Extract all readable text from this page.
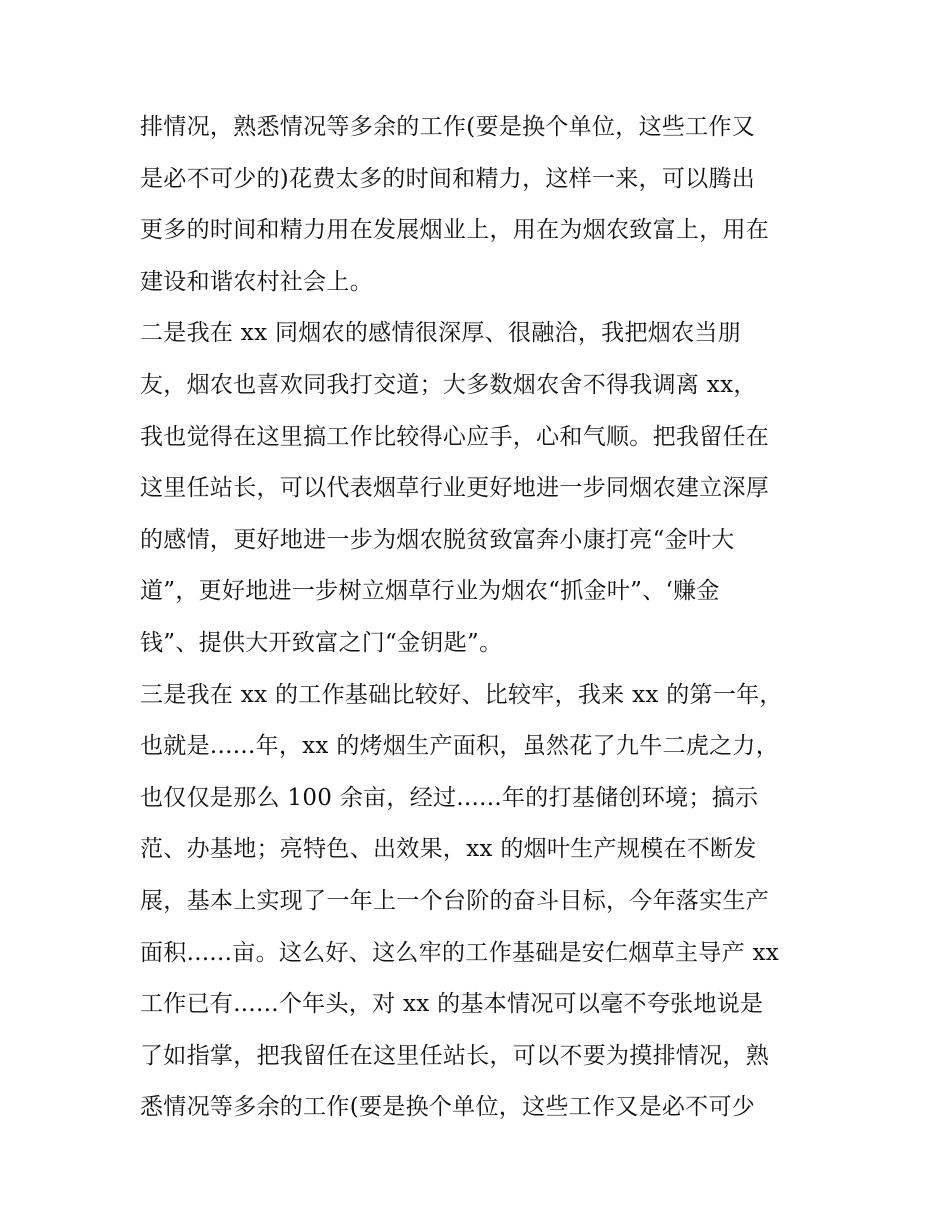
排情况，熟悉情况等多余的工作(要是换个单位，这些工作又
是必不可少的)花费太多的时间和精力，这样一来，可以腾出
更多的时间和精力用在发展烟业上，用在为烟农致富上，用在
建设和谐农村社会上。
二是我在 xx 同烟农的感情很深厚、很融洽，我把烟农当朋
友，烟农也喜欢同我打交道；大多数烟农舍不得我调离 xx，
我也觉得在这里搞工作比较得心应手，心和气顺。把我留任在
这里任站长，可以代表烟草行业更好地进一步同烟农建立深厚
的感情，更好地进一步为烟农脱贫致富奔小康打亮“金叶大
道”，更好地进一步树立烟草行业为烟农“抓金叶”、‘赚金
钱”、提供大开致富之门“金钥匙”。
三是我在 xx 的工作基础比较好、比较牢，我来 xx 的第一年，
也就是......年，xx 的烤烟生产面积，虽然花了九牛二虎之力，
也仅仅是那么 100 余亩，经过......年的打基储创环境；搞示
范、办基地；亮特色、出效果，xx 的烟叶生产规模在不断发
展，基本上实现了一年上一个台阶的奋斗目标，今年落实生产
面积......亩。这么好、这么牢的工作基础是安仁烟草主导产 xx
工作已有......个年头，对 xx 的基本情况可以毫不夸张地说是
了如指掌，把我留任在这里任站长，可以不要为摸排情况，熟
悉情况等多余的工作(要是换个单位，这些工作又是必不可少
